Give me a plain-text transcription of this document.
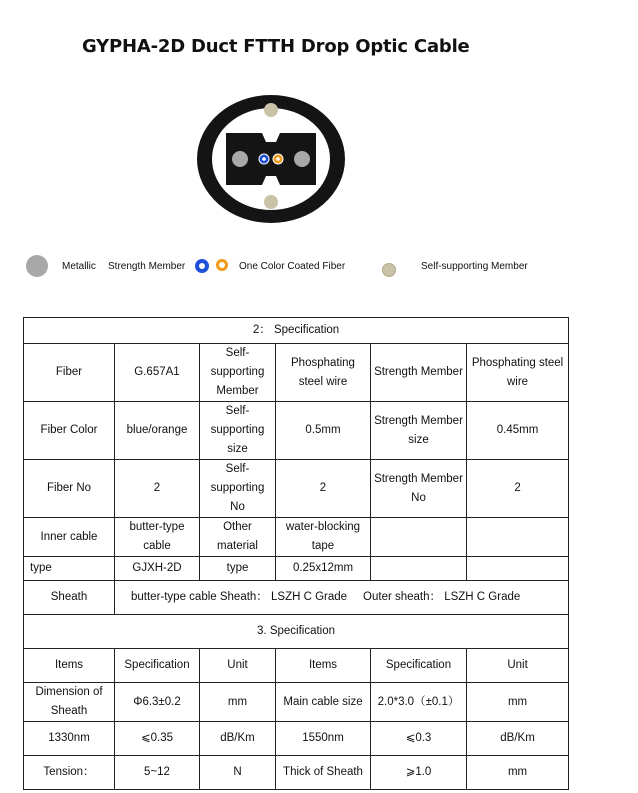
GYPHA-2D Duct FTTH Drop Optic Cable
Metallic Strength Member	One Color Coated Fiber	Self-supporting Member
2： Specification					
Fiber	G.657A1	Self-supporting Member	Phosphating steel wire	Strength Member	Phosphating steel wire
Fiber Color	blue/orange	Self-supporting size	0.5mm	Strength Member size	0.45mm
Fiber No	2	Self-supporting No	2	Strength Member No	2
Inner cable	butter-type cable	Other material	water-blocking tape		
type	GJXH-2D	type	0.25x12mm		
Sheath	butter-type cable Sheath： LSZH C Grade     Outer sheath： LSZH C Grade				
3. Specification					
Items	Specification	Unit	Items	Specification	Unit
Dimension of Sheath	Φ6.3±0.2	mm	Main cable size	2.0*3.0（±0.1）	mm
1330nm	⩽0.35	dB/Km	1550nm	⩽0.3	dB/Km
Tension：	5~12	N	Thick of Sheath	⩾1.0	mm
